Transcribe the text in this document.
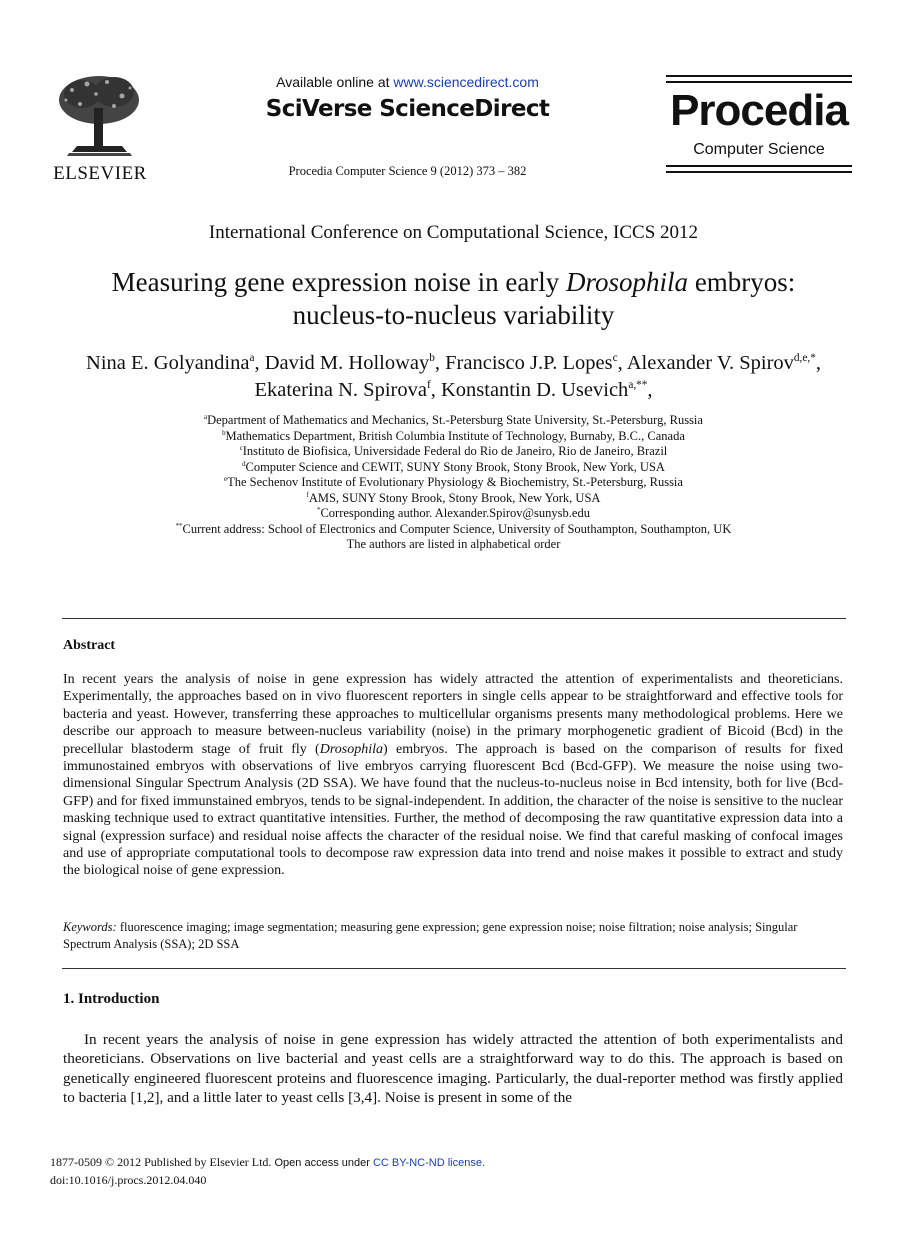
ELSEVIER
Available online at www.sciencedirect.com
SciVerse ScienceDirect
Procedia Computer Science 9 (2012) 373 – 382
Procedia
Computer Science
International Conference on Computational Science, ICCS 2012
Measuring gene expression noise in early Drosophila embryos:
nucleus-to-nucleus variability
Nina E. Golyandina$^a$, David M. Holloway$^b$, Francisco J.P. Lopes$^c$, Alexander V. Spirov$^{d,e,*}$, Ekaterina N. Spirova$^f$, Konstantin D. Usevich$^{a,**}$,
$^a$Department of Mathematics and Mechanics, St.-Petersburg State University, St.-Petersburg, Russia
$^b$Mathematics Department, British Columbia Institute of Technology, Burnaby, B.C., Canada
$^c$Instituto de Biofisica, Universidade Federal do Rio de Janeiro, Rio de Janeiro, Brazil
$^d$Computer Science and CEWIT, SUNY Stony Brook, Stony Brook, New York, USA
$^e$The Sechenov Institute of Evolutionary Physiology & Biochemistry, St.-Petersburg, Russia
$^f$AMS, SUNY Stony Brook, Stony Brook, New York, USA
*Corresponding author. Alexander.Spirov@sunysb.edu
**Current address: School of Electronics and Computer Science, University of Southampton, Southampton, UK
The authors are listed in alphabetical order
Abstract
In recent years the analysis of noise in gene expression has widely attracted the attention of experimentalists and theoreticians. Experimentally, the approaches based on in vivo fluorescent reporters in single cells appear to be straightforward and effective tools for bacteria and yeast. However, transferring these approaches to multicellular organisms presents many methodological problems. Here we describe our approach to measure between-nucleus variability (noise) in the primary morphogenetic gradient of Bicoid (Bcd) in the precellular blastoderm stage of fruit fly (Drosophila) embryos. The approach is based on the comparison of results for fixed immunostained embryos with observations of live embryos carrying fluorescent Bcd (Bcd-GFP). We measure the noise using two-dimensional Singular Spectrum Analysis (2D SSA). We have found that the nucleus-to-nucleus noise in Bcd intensity, both for live (Bcd-GFP) and for fixed immunstained embryos, tends to be signal-independent. In addition, the character of the noise is sensitive to the nuclear masking technique used to extract quantitative intensities. Further, the method of decomposing the raw quantitative expression data into a signal (expression surface) and residual noise affects the character of the residual noise. We find that careful masking of confocal images and use of appropriate computational tools to decompose raw expression data into trend and noise makes it possible to extract and study the biological noise of gene expression.
Keywords: fluorescence imaging; image segmentation; measuring gene expression; gene expression noise; noise filtration; noise analysis; Singular Spectrum Analysis (SSA); 2D SSA
1. Introduction
In recent years the analysis of noise in gene expression has widely attracted the attention of both experimentalists and theoreticians. Observations on live bacterial and yeast cells are a straightforward way to do this. The approach is based on genetically engineered fluorescent proteins and fluorescence imaging. Particularly, the dual-reporter method was firstly applied to bacteria [1,2], and a little later to yeast cells [3,4]. Noise is present in some of the
1877-0509 © 2012 Published by Elsevier Ltd. Open access under CC BY-NC-ND license.
doi:10.1016/j.procs.2012.04.040
